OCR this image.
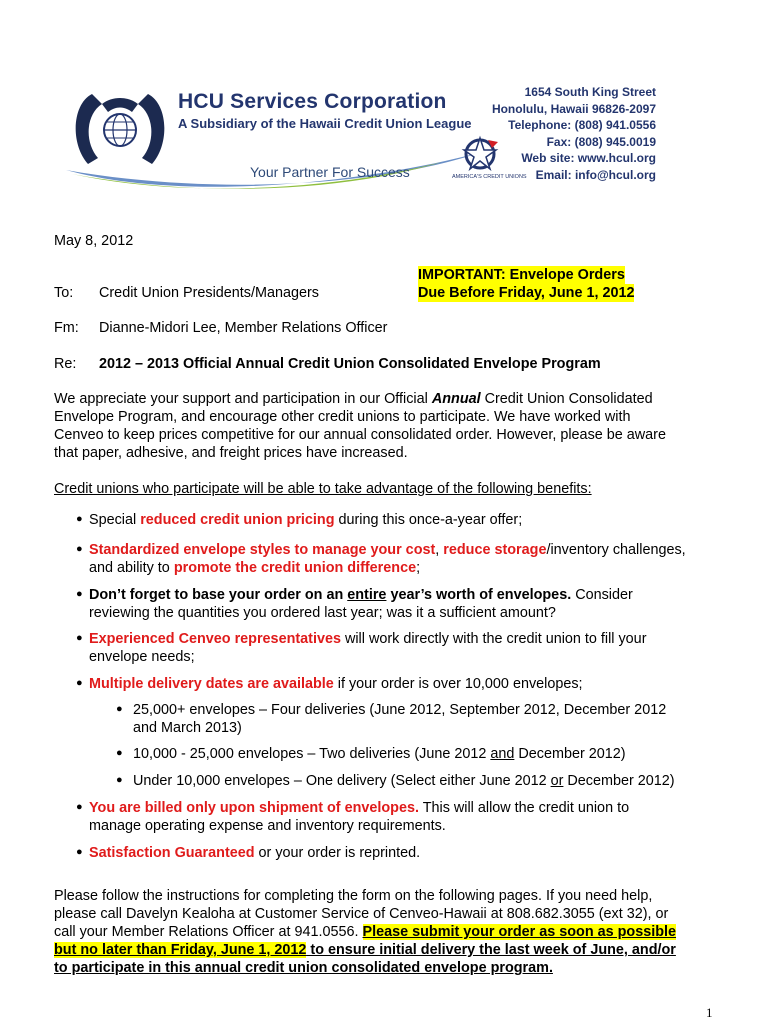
HCU Services Corporation
A Subsidiary of the Hawaii Credit Union League
Your Partner For Success	AMERICA'S CREDIT UNIONS
1654 South King Street
Honolulu, Hawaii 96826-2097
Telephone: (808) 941.0556
Fax: (808) 945.0019
Web site: www.hcul.org
Email: info@hcul.org
May 8, 2012
To: Credit Union Presidents/Managers
IMPORTANT: Envelope Orders
Due Before Friday, June 1, 2012
Fm: Dianne-Midori Lee, Member Relations Officer
Re: 2012 – 2013 Official Annual Credit Union Consolidated Envelope Program
We appreciate your support and participation in our Official Annual Credit Union Consolidated
Envelope Program, and encourage other credit unions to participate. We have worked with
Cenveo to keep prices competitive for our annual consolidated order. However, please be aware
that paper, adhesive, and freight prices have increased.
Credit unions who participate will be able to take advantage of the following benefits:
● Special reduced credit union pricing during this once-a-year offer;
● Standardized envelope styles to manage your cost, reduce storage/inventory challenges,
and ability to promote the credit union difference;
● Don’t forget to base your order on an entire year’s worth of envelopes. Consider
reviewing the quantities you ordered last year; was it a sufficient amount?
● Experienced Cenveo representatives will work directly with the credit union to fill your
envelope needs;
● Multiple delivery dates are available if your order is over 10,000 envelopes;
● 25,000+ envelopes – Four deliveries (June 2012, September 2012, December 2012
and March 2013)
● 10,000 - 25,000 envelopes – Two deliveries (June 2012 and December 2012)
● Under 10,000 envelopes – One delivery (Select either June 2012 or December 2012)
● You are billed only upon shipment of envelopes. This will allow the credit union to
manage operating expense and inventory requirements.
● Satisfaction Guaranteed or your order is reprinted.
Please follow the instructions for completing the form on the following pages. If you need help,
please call Davelyn Kealoha at Customer Service of Cenveo-Hawaii at 808.682.3055 (ext 32), or
call your Member Relations Officer at 941.0556. Please submit your order as soon as possible
but no later than Friday, June 1, 2012 to ensure initial delivery the last week of June, and/or
to participate in this annual credit union consolidated envelope program.
1
